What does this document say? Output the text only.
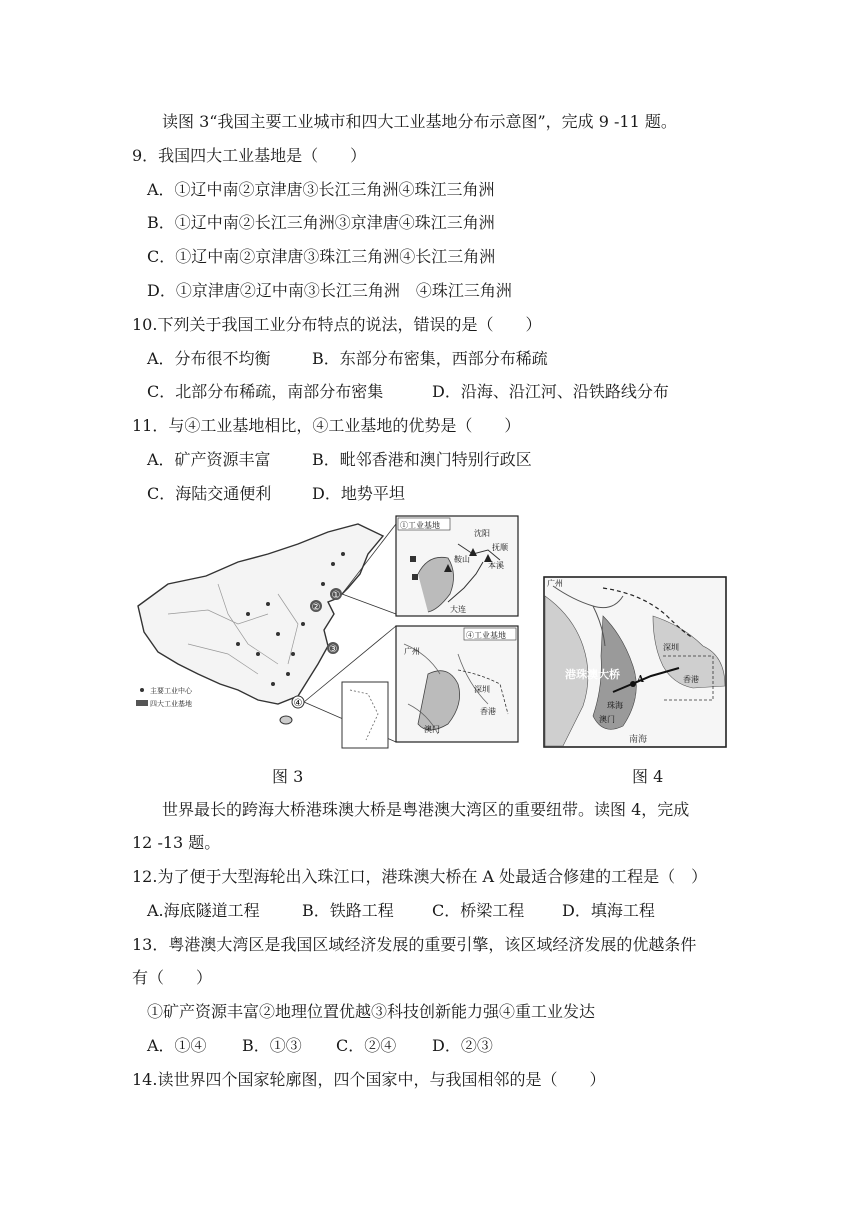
读图 3“我国主要工业城市和四大工业基地分布示意图”，完成 9 -11 题。
9．我国四大工业基地是（　　）
A．①辽中南②京津唐③长江三角洲④珠江三角洲
B．①辽中南②长江三角洲③京津唐④珠江三角洲
C．①辽中南②京津唐③珠江三角洲④长江三角洲
D．①京津唐②辽中南③长江三角洲　④珠江三角洲
10.下列关于我国工业分布特点的说法，错误的是（　　）
A．分布很不均衡	B．东部分布密集，西部分布稀疏
C．北部分布稀疏，南部分布密集	D．沿海、沿江河、沿铁路线分布
11．与④工业基地相比，④工业基地的优势是（　　）
A．矿产资源丰富	B．毗邻香港和澳门特别行政区
C．海陆交通便利	D．地势平坦
①
②
③
④
主要工业中心
四大工业基地
①工业基地
沈阳
抚顺
本溪
鞍山
大连
④工业基地
广州
深圳
香港
澳门
广州
深圳
港珠澳大桥	香港
珠海
澳门
A
南海
图 3	图 4
世界最长的跨海大桥港珠澳大桥是粤港澳大湾区的重要纽带。读图 4，完成
12 -13 题。
12.为了便于大型海轮出入珠江口，港珠澳大桥在 A 处最适合修建的工程是（　）
A.海底隧道工程	B．铁路工程 C．桥梁工程 D．填海工程
13．粤港澳大湾区是我国区域经济发展的重要引擎，该区域经济发展的优越条件
有（　　）
①矿产资源丰富②地理位置优越③科技创新能力强④重工业发达
A．①④ B．①③ C．②④ D．②③
14.读世界四个国家轮廓图，四个国家中，与我国相邻的是（　　）
